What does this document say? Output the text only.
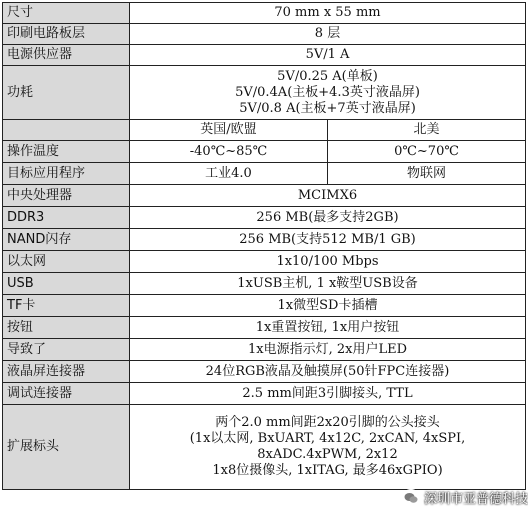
尺寸	70 mm x 55 mm	
印刷电路板层	8 层	
电源供应器	5V/1 A	
功耗	5V/0.25 A(单板)
5V/0.4A(主板+4.3英寸液晶屏)
5V/0.8 A(主板+7英寸液晶屏)	

	英国/欧盟	北美
操作温度	-40℃~85℃	0℃~70℃
目标应用程序	工业4.0	物联网
中央处理器	MCIMX6	
DDR3	256 MB(最多支持2GB)	
NAND闪存	256 MB(支持512 MB/1 GB)	
以太网	1x10/100 Mbps	
USB	1xUSB主机, 1 x鞍型USB设备	
TF卡	1x微型SD卡插槽	
按钮	1x重置按钮, 1x用户按钮	
导致了	1x电源指示灯, 2x用户LED	
液晶屏连接器	24位RGB液晶及触摸屏(50针FPC连接器)	
调试连接器	2.5 mm间距3引脚接头, TTL	
扩展标头	两个2.0 mm间距2x20引脚的公头接头
(1x以太网, BxUART, 4x12C, 2xCAN, 4xSPI,
8xADC.4xPWM, 2x12
1x8位摄像头, 1xITAG, 最多46xGPIO)	
深圳市亚普德科技
